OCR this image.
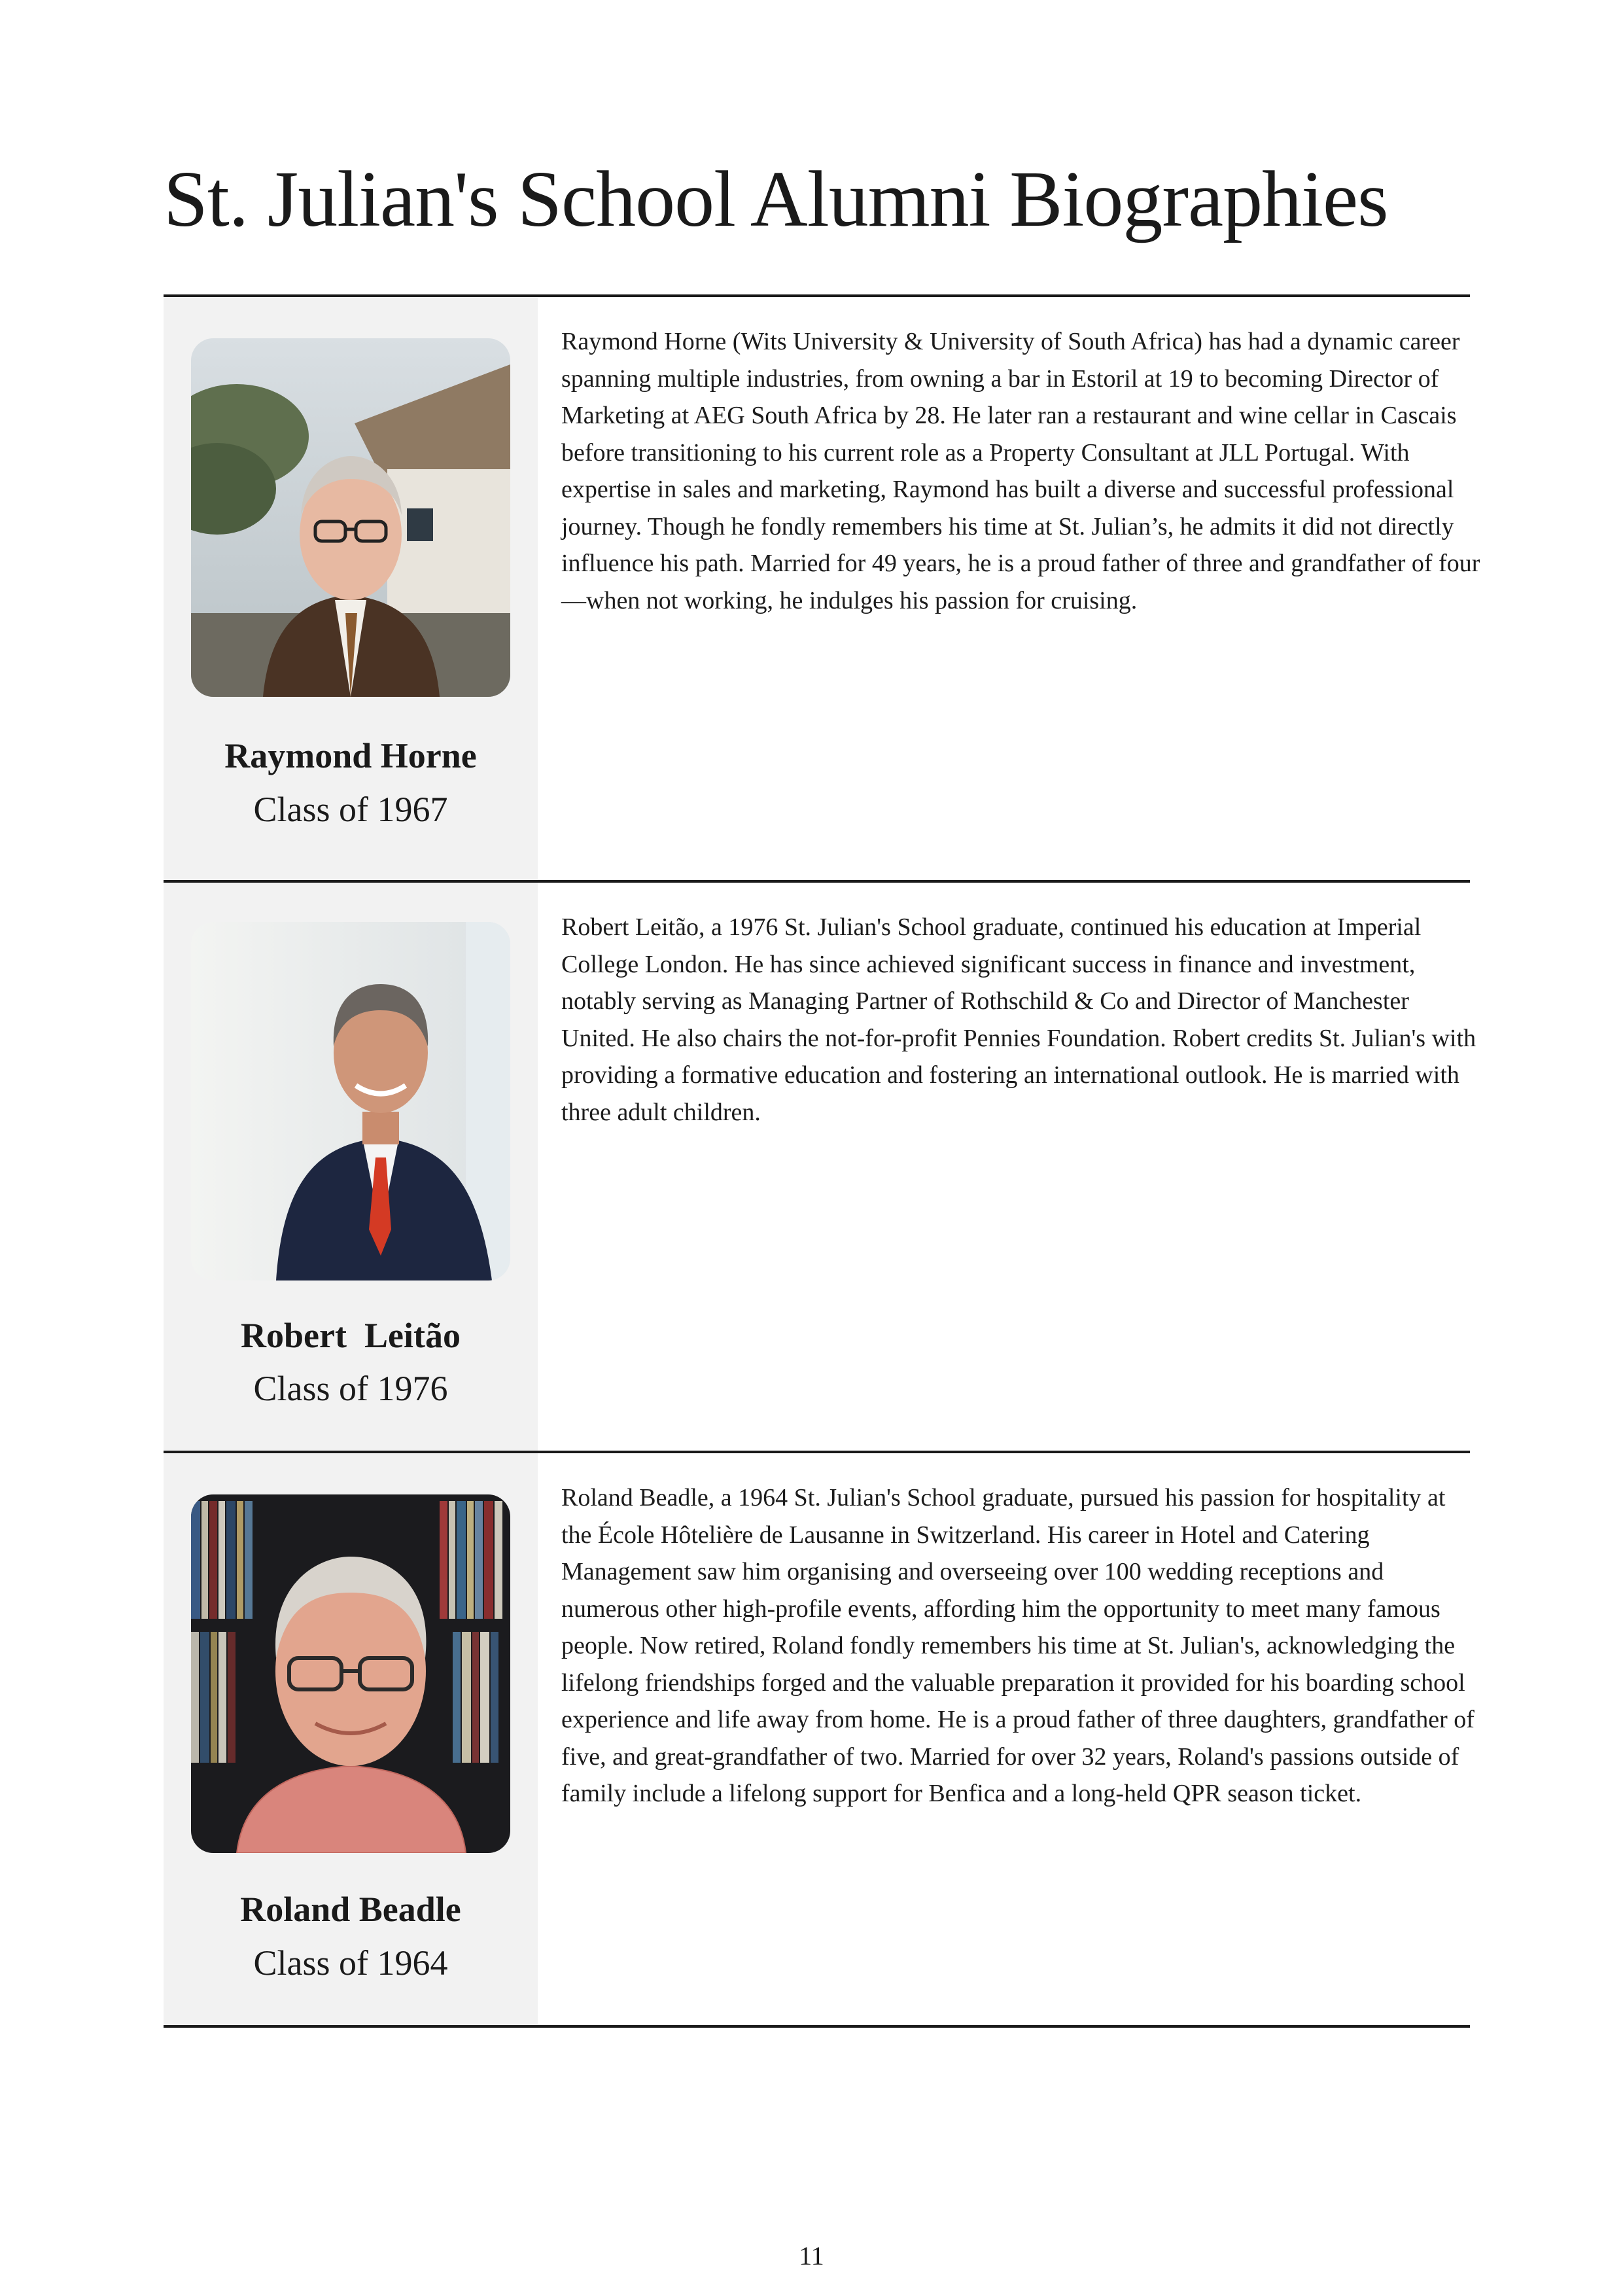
St. Julian's School Alumni Biographies
Raymond Horne
Class of 1967

Raymond Horne (Wits University & University of South Africa) has had a dynamic career spanning multiple industries, from owning a bar in Estoril at 19 to becoming Director of Marketing at AEG South Africa by 28. He later ran a restaurant and wine cellar in Cascais before transitioning to his current role as a Property Consultant at JLL Portugal. With expertise in sales and marketing, Raymond has built a diverse and successful professional journey. Though he fondly remembers his time at St. Julian’s, he admits it did not directly influence his path. Married for 49 years, he is a proud father of three and grandfather of four—when not working, he indulges his passion for cruising.

Robert  Leitão
Class of 1976

Robert Leitão, a 1976 St. Julian's School graduate, continued his education at Imperial College London. He has since achieved significant success in finance and investment, notably serving as Managing Partner of Rothschild & Co and Director of Manchester United. He also chairs the not-for-profit Pennies Foundation. Robert credits St. Julian's with providing a formative education and fostering an international outlook. He is married with three adult children.

Roland Beadle
Class of 1964

Roland Beadle, a 1964 St. Julian's School graduate, pursued his passion for hospitality at the École Hôtelière de Lausanne in Switzerland. His career in Hotel and Catering Management saw him organising and overseeing over 100 wedding receptions and numerous other high-profile events, affording him the opportunity to meet many famous people. Now retired, Roland fondly remembers his time at St. Julian's, acknowledging the lifelong friendships forged and the valuable preparation it provided for his boarding school experience and life away from home. He is a proud father of three daughters, grandfather of five, and great-grandfather of two. Married for over 32 years, Roland's passions outside of family include a lifelong support for Benfica and a long-held QPR season ticket.

11
